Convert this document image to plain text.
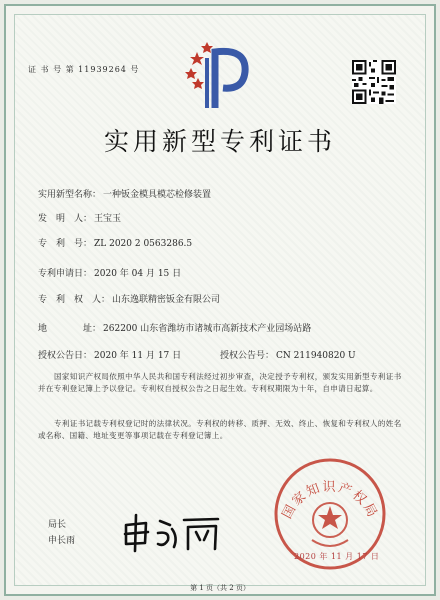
证 书 号 第 11939264 号
实用新型专利证书
实用新型名称： 一种钣金模具模芯检修装置
发　明　人： 王宝玉
专　利　号： ZL 2020 2 0563286.5
专利申请日： 2020 年 04 月 15 日
专　利　权　人： 山东逸联精密钣金有限公司
地　　　　址： 262200 山东省潍坊市诸城市高新技术产业园场站路
授权公告日： 2020 年 11 月 17 日	授权公告号： CN 211940820 U
国家知识产权局依照中华人民共和国专利法经过初步审查，决定授予专利权，颁发实用新型专利证书并在专利登记簿上予以登记。专利权自授权公告之日起生效。专利权期限为十年，自申请日起算。
专利证书记载专利权登记时的法律状况。专利权的转移、质押、无效、终止、恢复和专利权人的姓名或名称、国籍、地址变更等事项记载在专利登记簿上。
局长
申长雨
国家知识产权局
2020 年 11 月 17 日
第 1 页（共 2 页）
